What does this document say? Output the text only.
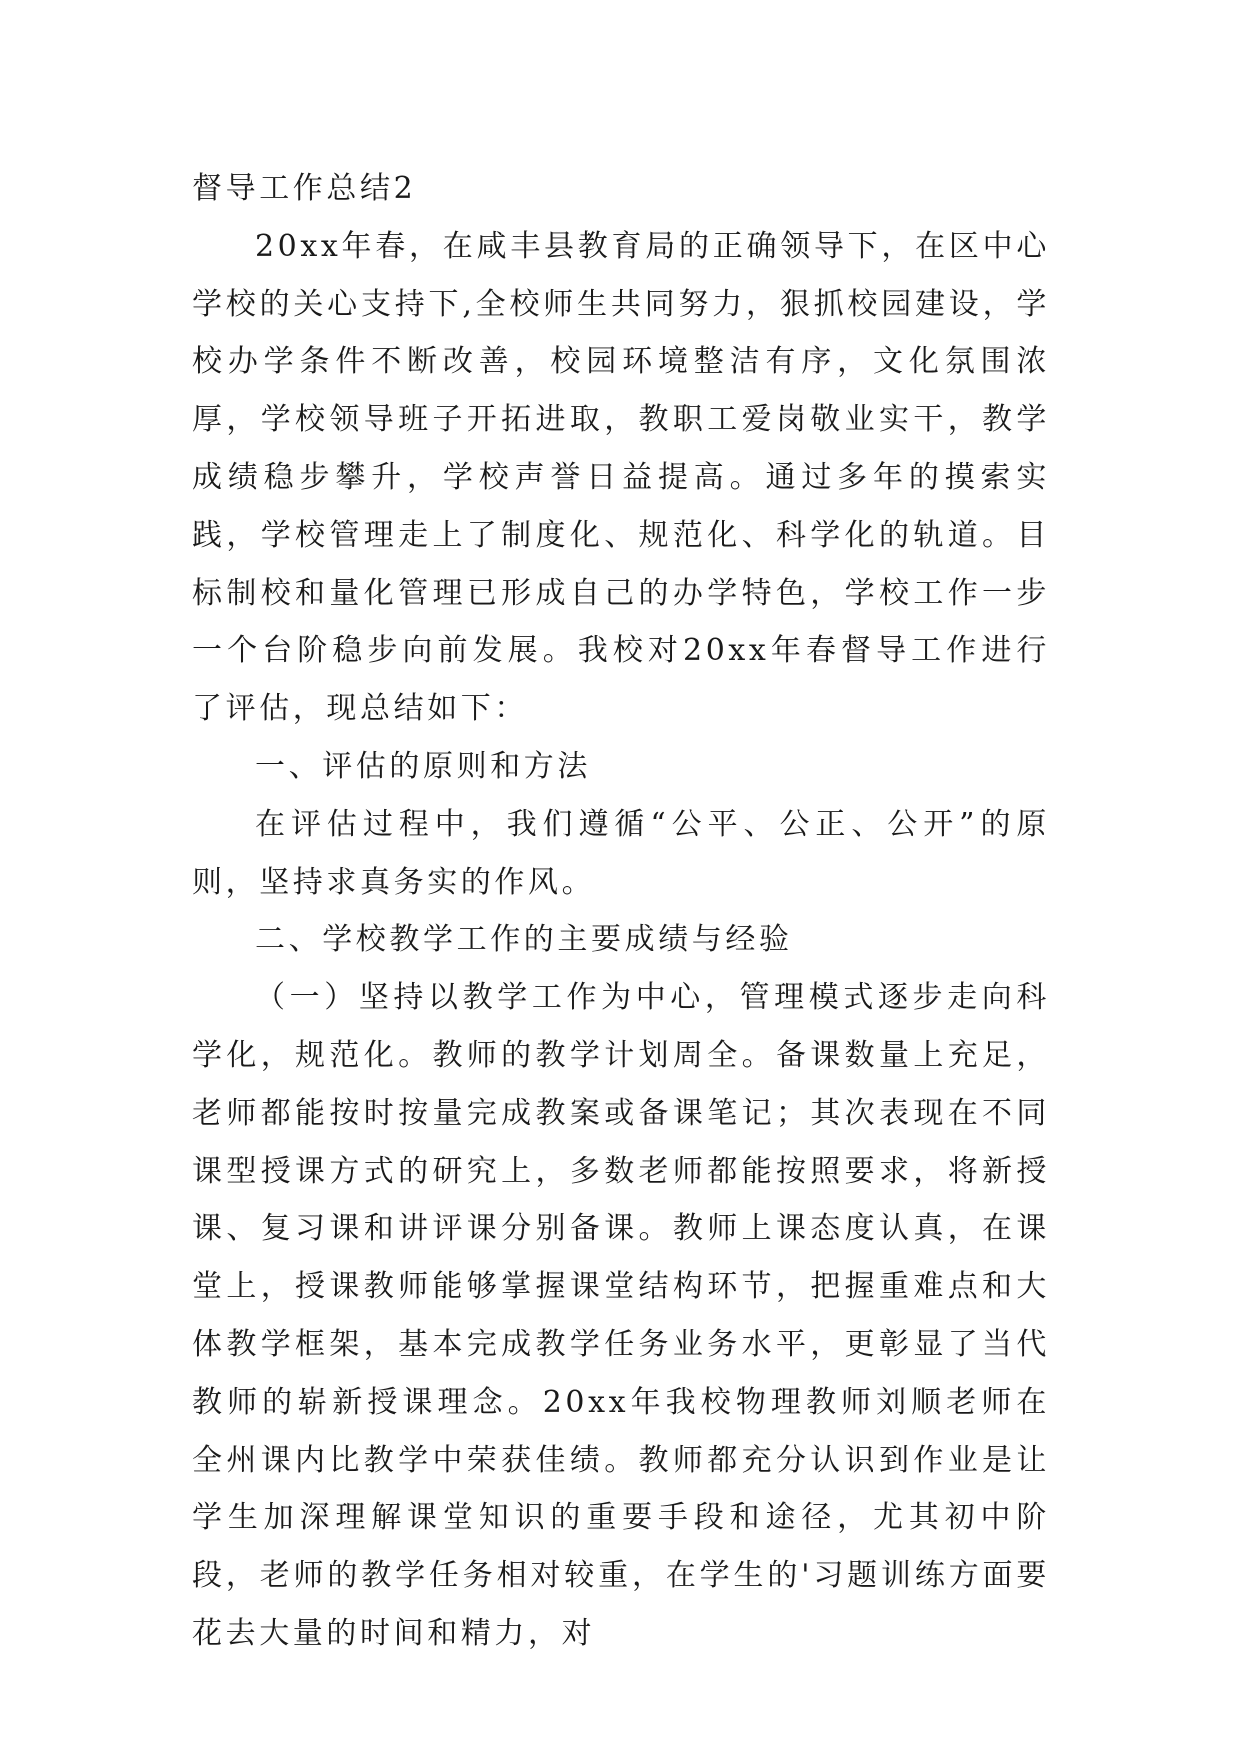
督导工作总结2

20xx年春，在咸丰县教育局的正确领导下，在区中心学校的关心支持下,全校师生共同努力，狠抓校园建设，学校办学条件不断改善，校园环境整洁有序，文化氛围浓厚，学校领导班子开拓进取，教职工爱岗敬业实干，教学成绩稳步攀升，学校声誉日益提高。通过多年的摸索实践，学校管理走上了制度化、规范化、科学化的轨道。目标制校和量化管理已形成自己的办学特色，学校工作一步一个台阶稳步向前发展。我校对20xx年春督导工作进行了评估，现总结如下：

一、评估的原则和方法

在评估过程中，我们遵循“公平、公正、公开”的原则，坚持求真务实的作风。

二、学校教学工作的主要成绩与经验

（一）坚持以教学工作为中心，管理模式逐步走向科学化，规范化。教师的教学计划周全。备课数量上充足，老师都能按时按量完成教案或备课笔记；其次表现在不同课型授课方式的研究上，多数老师都能按照要求，将新授课、复习课和讲评课分别备课。教师上课态度认真，在课堂上，授课教师能够掌握课堂结构环节，把握重难点和大体教学框架，基本完成教学任务业务水平，更彰显了当代教师的崭新授课理念。20xx年我校物理教师刘顺老师在全州课内比教学中荣获佳绩。教师都充分认识到作业是让学生加深理解课堂知识的重要手段和途径，尤其初中阶段，老师的教学任务相对较重，在学生的'习题训练方面要花去大量的时间和精力，对
